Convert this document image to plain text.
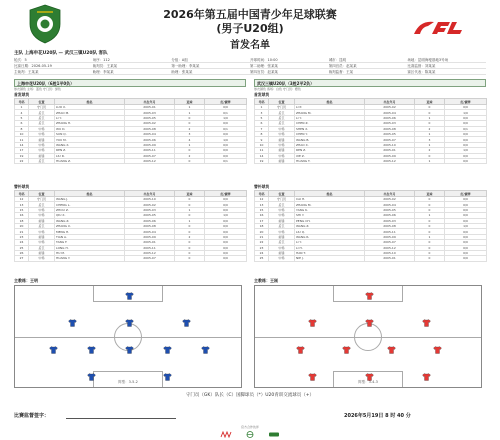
2026年第五届中国青少年足球联赛
(男子U20组)
首发名单
主队 上海申花U20队 — 武汉三镇U20队 客队
轮次：5	场序：112	分组：A组	开球时间：10:00	城市：昆明	场地：昆明海埂基地3号场
比赛日期：2026-05-19	裁判员：王某某	第一助理：李某某	第二助理：张某某	第四官员：赵某某	比赛监督：刘某某
主裁判：王某某	助理：李某某	助理：张某某	第四官员：赵某某	裁判监督：王某	赛区代表：陈某某
上海申花U20队（6胜1平0负）
球衣颜色 主场：蓝色 守门员：绿色
首发球员
号码	位置	姓名	出生年月	进球	红/黄牌
1	守门员	LUO X.	2005-01	1	0/0
4	后卫	ZHAO M.	2005-03	1	0/1
5	后卫	LI Y.	2005-05	0	1/0
6	后卫	ZHANG H.	2005-02	0	0/0
8	中场	WU D.	2005-08	2	0/1
10	中场	SUN Q.	2005-04	3	0/0
11	前锋	YOU M.	2005-06	4	1/0
14	中场	WANG X.	2005-09	1	0/0
17	中场	REN Z.	2005-11	0	0/0
19	前锋	LIU R.	2005-07	2	0/0
22	后卫	HUANG Z.	2005-12	0	0/1
武汉三镇U20队（3胜2平2负）
球衣颜色 客场：白色 守门员：橙色
首发球员
号码	位置	姓名	出生年月	进球	红/黄牌
1	守门员	LI P.	2005-02	0	0/0
3	后卫	ZHANG M.	2005-04	0	1/0
5	后卫	LI Y.	2005-06	1	0/0
6	后卫	CHEN Z.	2005-03	0	0/0
7	中场	SHEN X.	2005-08	2	0/1
8	中场	CHEN Y.	2005-05	1	0/0
9	前锋	WANG B.	2005-07	3	0/0
10	中场	ZHAO X.	2005-10	1	0/0
11	前锋	REN Z.	2005-01	2	1/0
14	中场	XIE Z.	2005-09	0	0/0
19	前锋	HUANG T.	2005-12	1	0/0
替补球员
号码	位置	姓名	出生年月	进球	红/黄牌
12	守门员	WANG J.	2005-10	0	0/0
13	后卫	CHENG L.	2005-02	0	0/0
15	中场	ZHOU Z.	2005-03	1	0/0
16	中场	QIU X.	2005-05	0	1/0
18	前锋	WANG Z.	2005-06	1	0/0
20	后卫	ZHANG X.	2005-08	0	0/0
21	中场	MENG H.	2005-04	0	0/0
23	前锋	TIAN A.	2005-09	2	0/0
24	中场	TANG F.	2005-01	0	0/0
25	后卫	LONG H.	2005-11	0	0/0
26	前锋	HU M.	2005-12	0	0/0
27	中场	HUANG Y.	2005-07	0	0/0
替补球员
号码	位置	姓名	出生年月	进球	红/黄牌
12	守门员	CAI H.	2005-02	0	0/0
13	后卫	ZHANG M.	2005-04	0	0/0
15	中场	YANG K.	2005-05	0	0/0
16	中场	SHI Y.	2005-06	1	0/0
17	前锋	PENG CH.	2005-03	0	0/0
18	后卫	WANG Z.	2005-08	0	1/0
20	中场	LIU Q.	2005-11	0	0/0
21	前锋	WANG R.	2005-09	1	0/0
22	后卫	LI Y.	2005-07	0	0/0
23	中场	LI H.	2005-12	0	0/0
24	前锋	HAN T.	2005-10	0	0/0
25	中场	NIE J.	2005-01	0	0/0
主教练：王明	主教练：王刚
阵型：3-5-2	阵型：3-4-3
守门员（GK）队长（C）国脚球员（*）U20青训交流球员（+）
比赛监督签字：	2026年5月19日 8 时 40 分
官方合作伙伴
